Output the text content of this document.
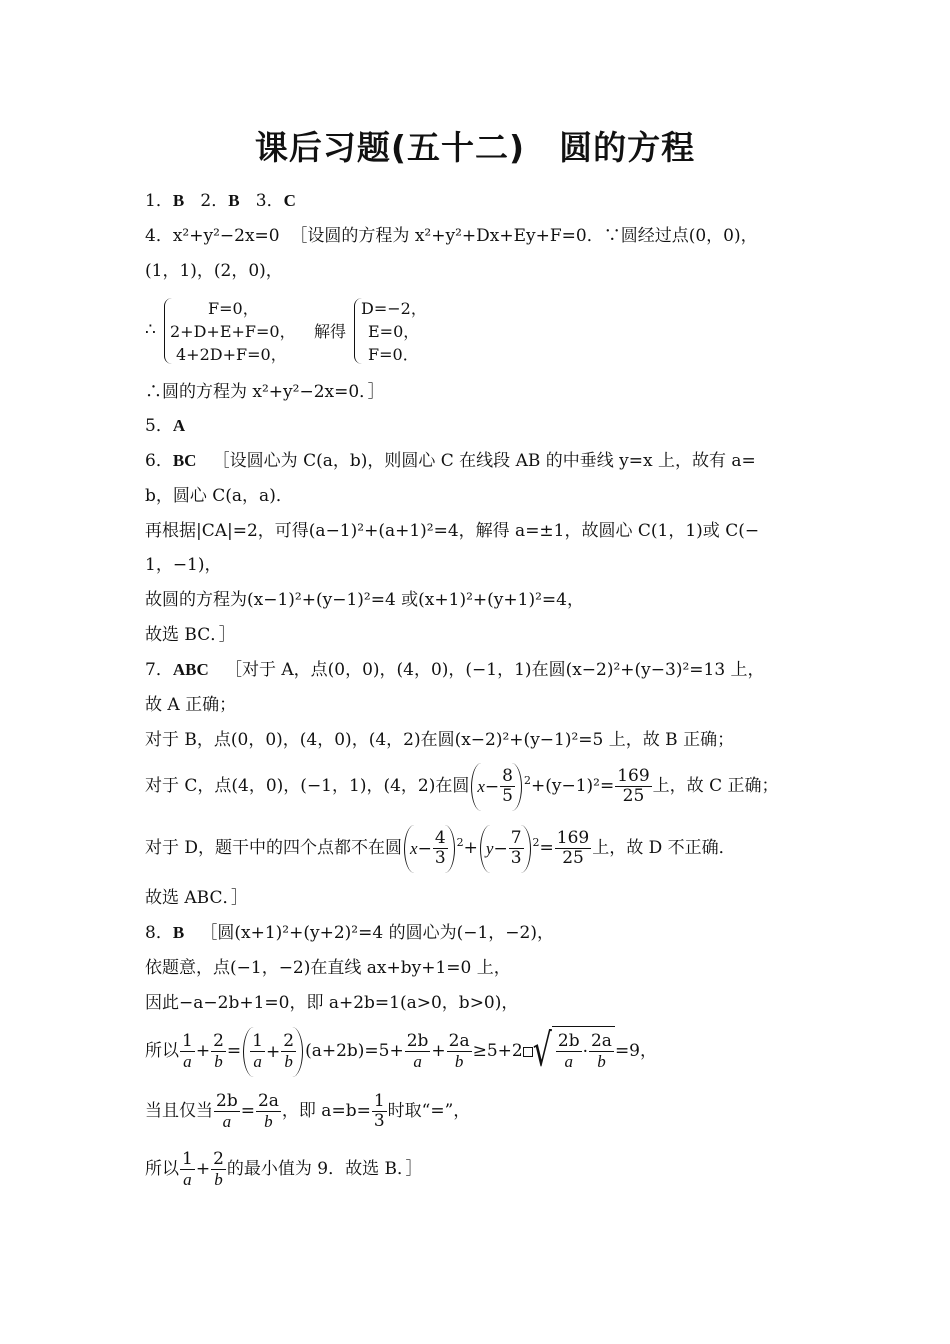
课后习题(五十二)　圆的方程
1．B 2．B 3．C
4．x²+y²−2x=0 ［设圆的方程为 x²+y²+Dx+Ey+F=0．∵圆经过点(0，0)，
(1，1)，(2，0)，
∴
F=0，
2+D+E+F=0，
4+2D+F=0，
解得
D=−2，
E=0，
F=0．
∴圆的方程为 x²+y²−2x=0．］
5．A
6．BC ［设圆心为 C(a，b)，则圆心 C 在线段 AB 的中垂线 y=x 上，故有 a=
b，圆心 C(a，a)．
再根据|CA|=2，可得(a−1)²+(a+1)²=4，解得 a=±1，故圆心 C(1，1)或 C(−
1，−1)，
故圆的方程为(x−1)²+(y−1)²=4 或(x+1)²+(y+1)²=4，
故选 BC．］
7．ABC ［对于 A，点(0，0)，(4，0)，(−1，1)在圆(x−2)²+(y−3)²=13 上，
故 A 正确；
对于 B，点(0，0)，(4，0)，(4，2)在圆(x−2)²+(y−1)²=5 上，故 B 正确；
对于 C，点(4，0)，(−1，1)，(4，2)在圆 $x - \frac{8}{5} ^2+(y-1)^2= \frac{169}{25}$ 上，故 C 正确；
对于 D，题干中的四个点都不在圆 $x - \frac{4}{3} ^2+ y - \frac{7}{3} ^2= \frac{169}{25}$ 上，故 D 不正确．
故选 ABC．］
8．B ［圆(x+1)²+(y+2)²=4 的圆心为(−1，−2)，
依题意，点(−1，−2)在直线 ax+by+1=0 上，
因此−a−2b+1=0，即 a+2b=1(a>0，b>0)，
所以 $\frac{1}{a} + \frac{2}{b} = \frac{1}{a} + \frac{2}{b} (a+2b)=5+ \frac{2b}{a} + \frac{2a}{b} \ge 5+2$ √ $\frac{2b}{a} \cdot \frac{2a}{b} =9$，
当且仅当 $\frac{2b}{a} = \frac{2a}{b}$ ，即 $a=b= \frac{1}{3}$ 时取“=”，
所以 $\frac{1}{a} + \frac{2}{b}$ 的最小值为 9．故选 B．］
